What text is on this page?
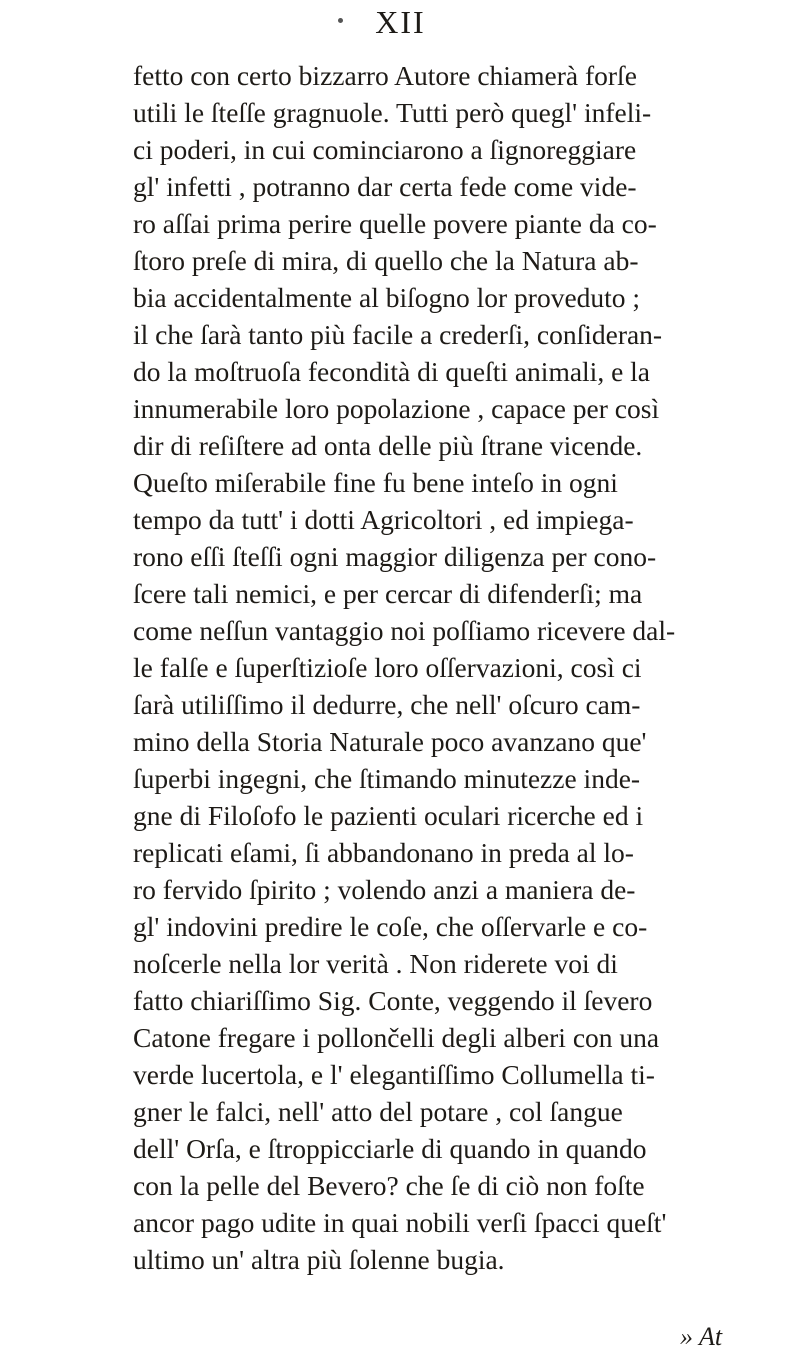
XII
fetto con certo bizzarro Autore chiamerà forſe
utili le ſteſſe gragnuole. Tutti però quegl' infeli-
ci poderi, in cui cominciarono a ſignoreggiare
gl' infetti , potranno dar certa fede come vide-
ro aſſai prima perire quelle povere piante da co-
ſtoro preſe di mira, di quello che la Natura ab-
bia accidentalmente al biſogno lor proveduto ;
il che ſarà tanto più facile a crederſi, conſideran-
do la moſtruoſa fecondità di queſti animali, e la
innumerabile loro popolazione , capace per così
dir di reſiſtere ad onta delle più ſtrane vicende.
Queſto miſerabile fine fu bene inteſo in ogni
tempo da tutt' i dotti Agricoltori , ed impiega-
rono eſſi ſteſſi ogni maggior diligenza per cono-
ſcere tali nemici, e per cercar di difenderſi; ma
come neſſun vantaggio noi poſſiamo ricevere dal-
le falſe e ſuperſtizioſe loro oſſervazioni, così ci
ſarà utiliſſimo il dedurre, che nell' oſcuro cam-
mino della Storia Naturale poco avanzano que'
ſuperbi ingegni, che ſtimando minutezze inde-
gne di Filoſofo le pazienti oculari ricerche ed i
replicati eſami, ſi abbandonano in preda al lo-
ro fervido ſpirito ; volendo anzi a maniera de-
gl' indovini predire le coſe, che oſſervarle e co-
noſcerle nella lor verità . Non riderete voi di
fatto chiariſſimo Sig. Conte, veggendo il ſevero
Catone fregare i pollončelli degli alberi con una
verde lucertola, e l' elegantiſſimo Collumella ti-
gner le falci, nell' atto del potare , col ſangue
dell' Orſa, e ſtroppicciarle di quando in quando
con la pelle del Bevero? che ſe di ciò non foſte
ancor pago udite in quai nobili verſi ſpacci queſt'
ultimo un' altra più ſolenne bugia.
» At
